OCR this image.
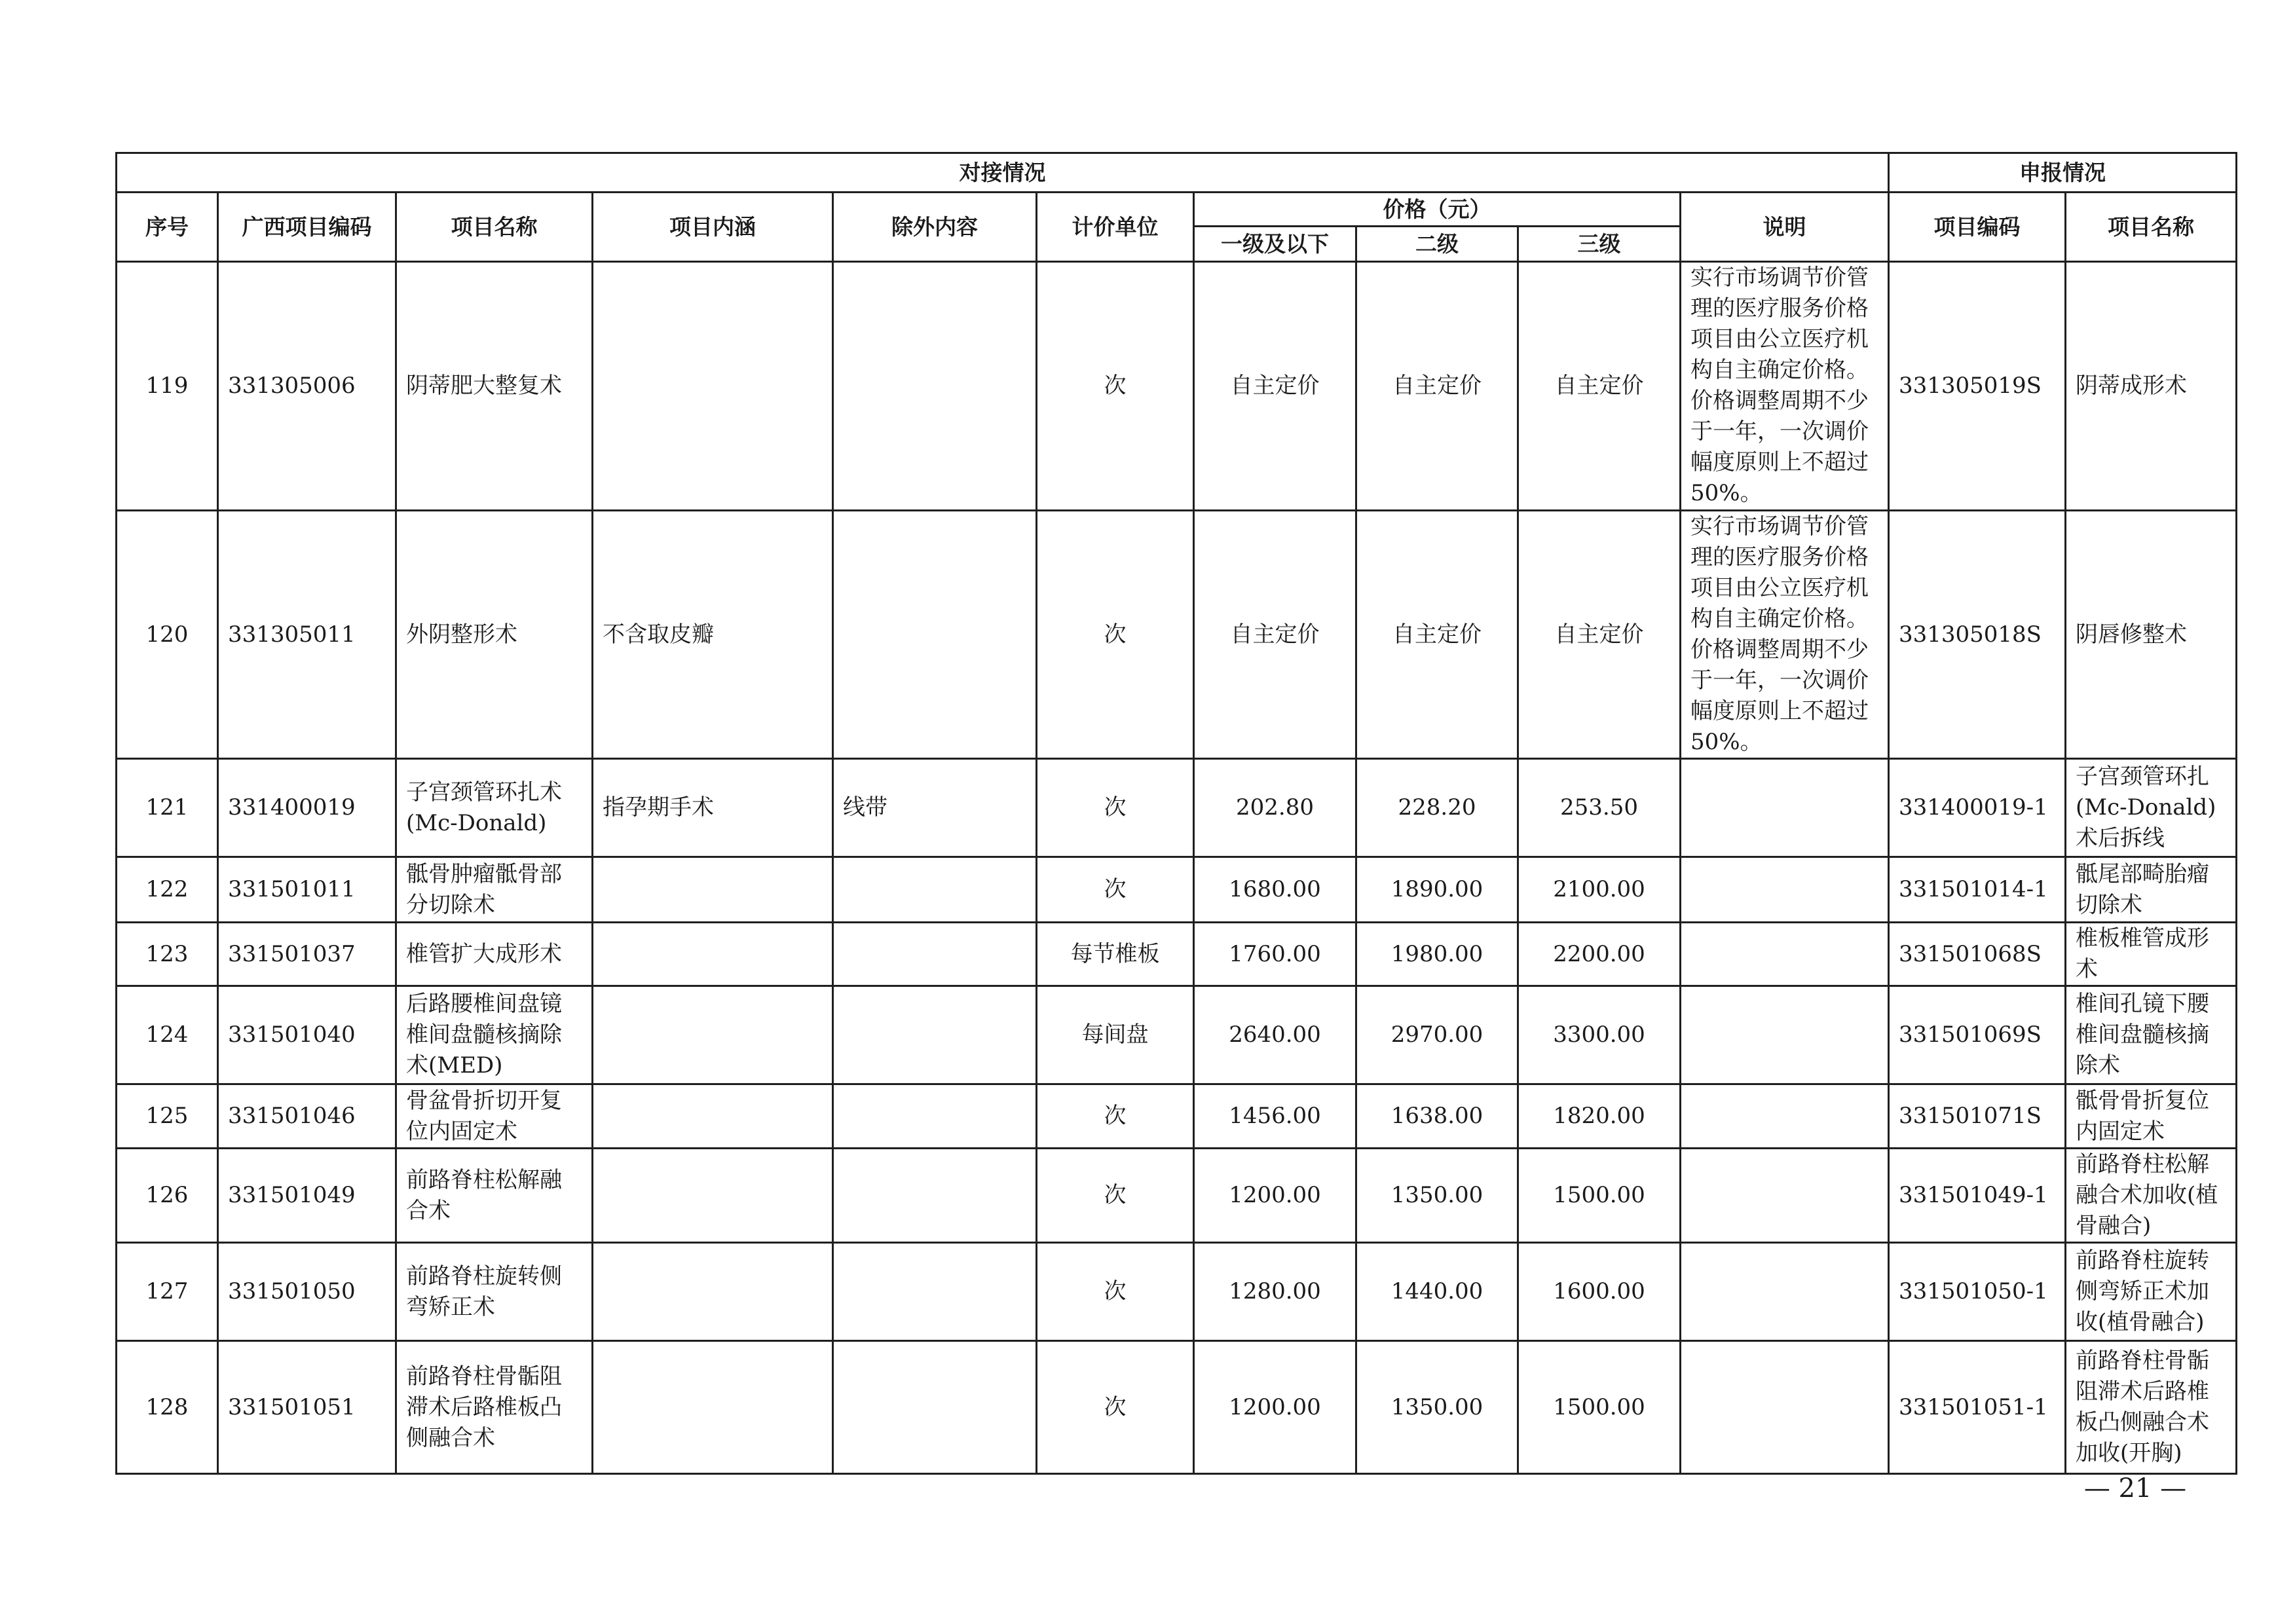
对接情况										申报情况	
序号	广西项目编码	项目名称	项目内涵	除外内容	计价单位	价格（元）			说明	项目编码	项目名称
						一级及以下	二级	三级			
119	331305006	阴蒂肥大整复术			次	自主定价	自主定价	自主定价	实行市场调节价管理的医疗服务价格项目由公立医疗机构自主确定价格。价格调整周期不少于一年，一次调价幅度原则上不超过50%。	331305019S	阴蒂成形术
120	331305011	外阴整形术	不含取皮瓣		次	自主定价	自主定价	自主定价	实行市场调节价管理的医疗服务价格项目由公立医疗机构自主确定价格。价格调整周期不少于一年，一次调价幅度原则上不超过50%。	331305018S	阴唇修整术
121	331400019	子宫颈管环扎术(Mc-Donald)	指孕期手术	线带	次	202.80	228.20	253.50		331400019-1	子宫颈管环扎(Mc-Donald)术后拆线
122	331501011	骶骨肿瘤骶骨部分切除术			次	1680.00	1890.00	2100.00		331501014-1	骶尾部畸胎瘤切除术
123	331501037	椎管扩大成形术			每节椎板	1760.00	1980.00	2200.00		331501068S	椎板椎管成形术
124	331501040	后路腰椎间盘镜椎间盘髓核摘除术(MED)			每间盘	2640.00	2970.00	3300.00		331501069S	椎间孔镜下腰椎间盘髓核摘除术
125	331501046	骨盆骨折切开复位内固定术			次	1456.00	1638.00	1820.00		331501071S	骶骨骨折复位内固定术
126	331501049	前路脊柱松解融合术			次	1200.00	1350.00	1500.00		331501049-1	前路脊柱松解融合术加收(植骨融合)
127	331501050	前路脊柱旋转侧弯矫正术			次	1280.00	1440.00	1600.00		331501050-1	前路脊柱旋转侧弯矫正术加收(植骨融合)
128	331501051	前路脊柱骨骺阻滞术后路椎板凸侧融合术			次	1200.00	1350.00	1500.00		331501051-1	前路脊柱骨骺阻滞术后路椎板凸侧融合术加收(开胸)
— 21 —
